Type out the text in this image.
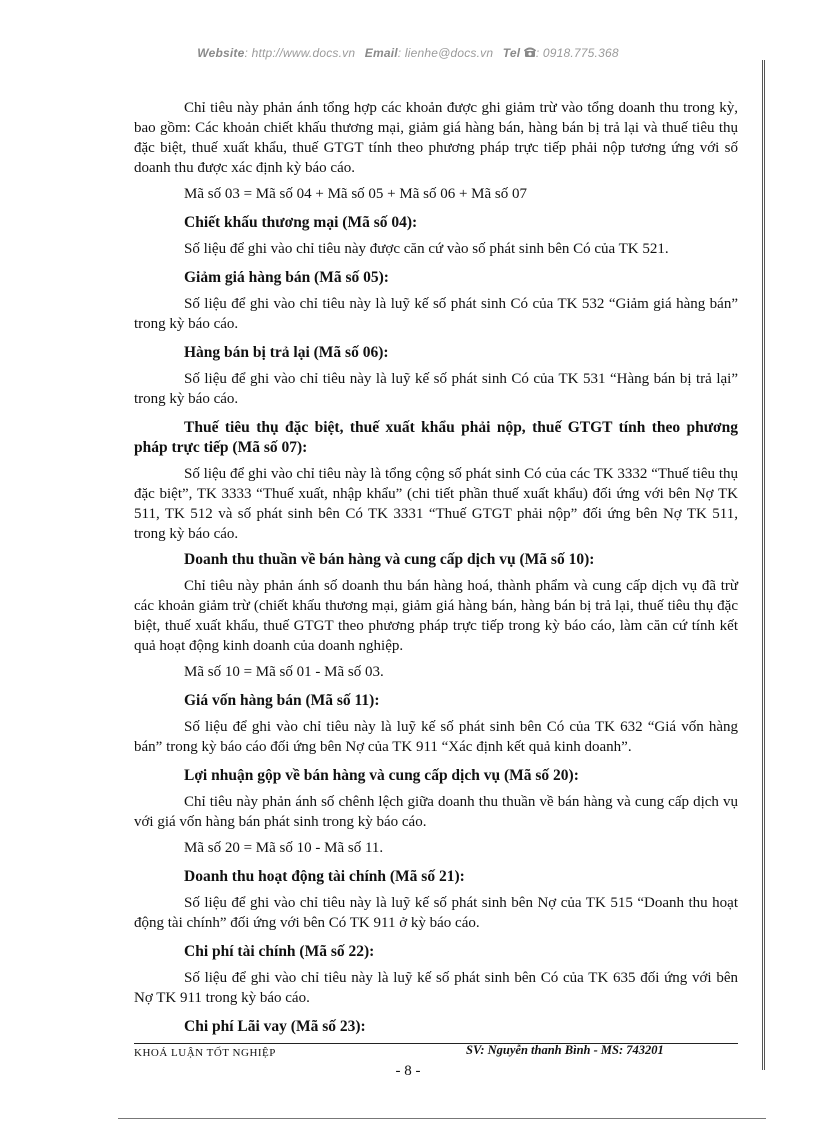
Website: http://www.docs.vn Email: lienhe@docs.vn Tel : 0918.775.368

Chỉ tiêu này phản ánh tổng hợp các khoản được ghi giảm trừ vào tổng doanh thu trong kỳ, bao gồm: Các khoản chiết khấu thương mại, giảm giá hàng bán, hàng bán bị trả lại và thuế tiêu thụ đặc biệt, thuế xuất khẩu, thuế GTGT tính theo phương pháp trực tiếp phải nộp tương ứng với số doanh thu được xác định kỳ báo cáo.

Mã số 03 = Mã số 04 + Mã số 05 + Mã số 06 + Mã số 07

Chiết khấu thương mại (Mã số 04):

Số liệu để ghi vào chỉ tiêu này được căn cứ vào số phát sinh bên Có của TK 521.

Giảm giá hàng bán (Mã số 05):

Số liệu để ghi vào chỉ tiêu này là luỹ kế số phát sinh Có của TK 532 “Giảm giá hàng bán” trong kỳ báo cáo.

Hàng bán bị trả lại (Mã số 06):

Số liệu để ghi vào chỉ tiêu này là luỹ kế số phát sinh Có của TK 531 “Hàng bán bị trả lại” trong kỳ báo cáo.

Thuế tiêu thụ đặc biệt, thuế xuất khẩu phải nộp, thuế GTGT tính theo phương pháp trực tiếp (Mã số 07):

Số liệu để ghi vào chỉ tiêu này là tổng cộng số phát sinh Có của các TK 3332 “Thuế tiêu thụ đặc biệt”, TK 3333 “Thuế xuất, nhập khẩu” (chi tiết phần thuế xuất khẩu) đối ứng với bên Nợ TK 511, TK 512 và số phát sinh bên Có TK 3331 “Thuế GTGT phải nộp” đối ứng bên Nợ TK 511, trong kỳ báo cáo.

Doanh thu thuần về bán hàng và cung cấp dịch vụ (Mã số 10):

Chỉ tiêu này phản ánh số doanh thu bán hàng hoá, thành phẩm và cung cấp dịch vụ đã trừ các khoản giảm trừ (chiết khấu thương mại, giảm giá hàng bán, hàng bán bị trả lại, thuế tiêu thụ đặc biệt, thuế xuất khẩu, thuế GTGT theo phương pháp trực tiếp trong kỳ báo cáo, làm căn cứ tính kết quả hoạt động kinh doanh của doanh nghiệp.

Mã số 10 = Mã số 01 - Mã số 03.

Giá vốn hàng bán (Mã số 11):

Số liệu để ghi vào chỉ tiêu này là luỹ kế số phát sinh bên Có của TK 632 “Giá vốn hàng bán” trong kỳ báo cáo đối ứng bên Nợ của TK 911 “Xác định kết quả kinh doanh”.

Lợi nhuận gộp về bán hàng và cung cấp dịch vụ (Mã số 20):

Chỉ tiêu này phản ánh số chênh lệch giữa doanh thu thuần về bán hàng và cung cấp dịch vụ với giá vốn hàng bán phát sinh trong kỳ báo cáo.

Mã số 20 = Mã số 10 - Mã số 11.

Doanh thu hoạt động tài chính (Mã số 21):

Số liệu để ghi vào chỉ tiêu này là luỹ kế số phát sinh bên Nợ của TK 515 “Doanh thu hoạt động tài chính” đối ứng với bên Có TK 911 ở kỳ báo cáo.

Chi phí tài chính (Mã số 22):

Số liệu để ghi vào chỉ tiêu này là luỹ kế số phát sinh bên Có của TK 635 đối ứng với bên Nợ TK 911 trong kỳ báo cáo.

Chi phí Lãi vay (Mã số 23):

KHOÁ LUẬN TỐT NGHIỆP	SV: Nguyễn thanh Bình - MS: 743201
- 8 -
